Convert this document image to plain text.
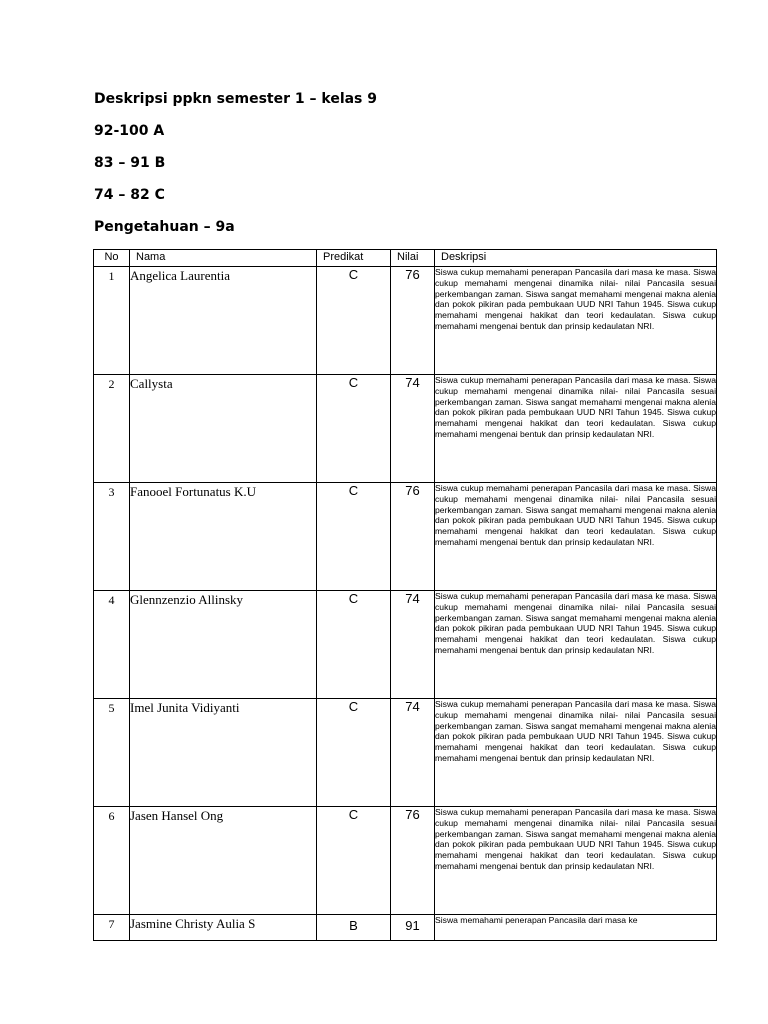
Deskripsi ppkn semester 1 – kelas 9
92-100 A
83 – 91 B
74 – 82 C
Pengetahuan – 9a
No	Nama	Predikat	Nilai	Deskripsi
1	Angelica Laurentia	C	76	Siswa cukup memahami penerapan Pancasila dari masa ke masa. Siswa cukup memahami mengenai dinamika nilai- nilai Pancasila sesuai perkembangan zaman. Siswa sangat memahami mengenai makna alenia dan pokok pikiran pada pembukaan UUD NRI Tahun 1945. Siswa cukup memahami mengenai hakikat dan teori kedaulatan. Siswa cukup memahami mengenai bentuk dan prinsip kedaulatan NRI.
2	Callysta	C	74	Siswa cukup memahami penerapan Pancasila dari masa ke masa. Siswa cukup memahami mengenai dinamika nilai- nilai Pancasila sesuai perkembangan zaman. Siswa sangat memahami mengenai makna alenia dan pokok pikiran pada pembukaan UUD NRI Tahun 1945. Siswa cukup memahami mengenai hakikat dan teori kedaulatan. Siswa cukup memahami mengenai bentuk dan prinsip kedaulatan NRI.
3	Fanooel Fortunatus K.U	C	76	Siswa cukup memahami penerapan Pancasila dari masa ke masa. Siswa cukup memahami mengenai dinamika nilai- nilai Pancasila sesuai perkembangan zaman. Siswa sangat memahami mengenai makna alenia dan pokok pikiran pada pembukaan UUD NRI Tahun 1945. Siswa cukup memahami mengenai hakikat dan teori kedaulatan. Siswa cukup memahami mengenai bentuk dan prinsip kedaulatan NRI.
4	Glennzenzio Allinsky	C	74	Siswa cukup memahami penerapan Pancasila dari masa ke masa. Siswa cukup memahami mengenai dinamika nilai- nilai Pancasila sesuai perkembangan zaman. Siswa sangat memahami mengenai makna alenia dan pokok pikiran pada pembukaan UUD NRI Tahun 1945. Siswa cukup memahami mengenai hakikat dan teori kedaulatan. Siswa cukup memahami mengenai bentuk dan prinsip kedaulatan NRI.
5	Imel Junita Vidiyanti	C	74	Siswa cukup memahami penerapan Pancasila dari masa ke masa. Siswa cukup memahami mengenai dinamika nilai- nilai Pancasila sesuai perkembangan zaman. Siswa sangat memahami mengenai makna alenia dan pokok pikiran pada pembukaan UUD NRI Tahun 1945. Siswa cukup memahami mengenai hakikat dan teori kedaulatan. Siswa cukup memahami mengenai bentuk dan prinsip kedaulatan NRI.
6	Jasen Hansel Ong	C	76	Siswa cukup memahami penerapan Pancasila dari masa ke masa. Siswa cukup memahami mengenai dinamika nilai- nilai Pancasila sesuai perkembangan zaman. Siswa sangat memahami mengenai makna alenia dan pokok pikiran pada pembukaan UUD NRI Tahun 1945. Siswa cukup memahami mengenai hakikat dan teori kedaulatan. Siswa cukup memahami mengenai bentuk dan prinsip kedaulatan NRI.
7	Jasmine Christy Aulia S	B	91	Siswa memahami penerapan Pancasila dari masa ke
